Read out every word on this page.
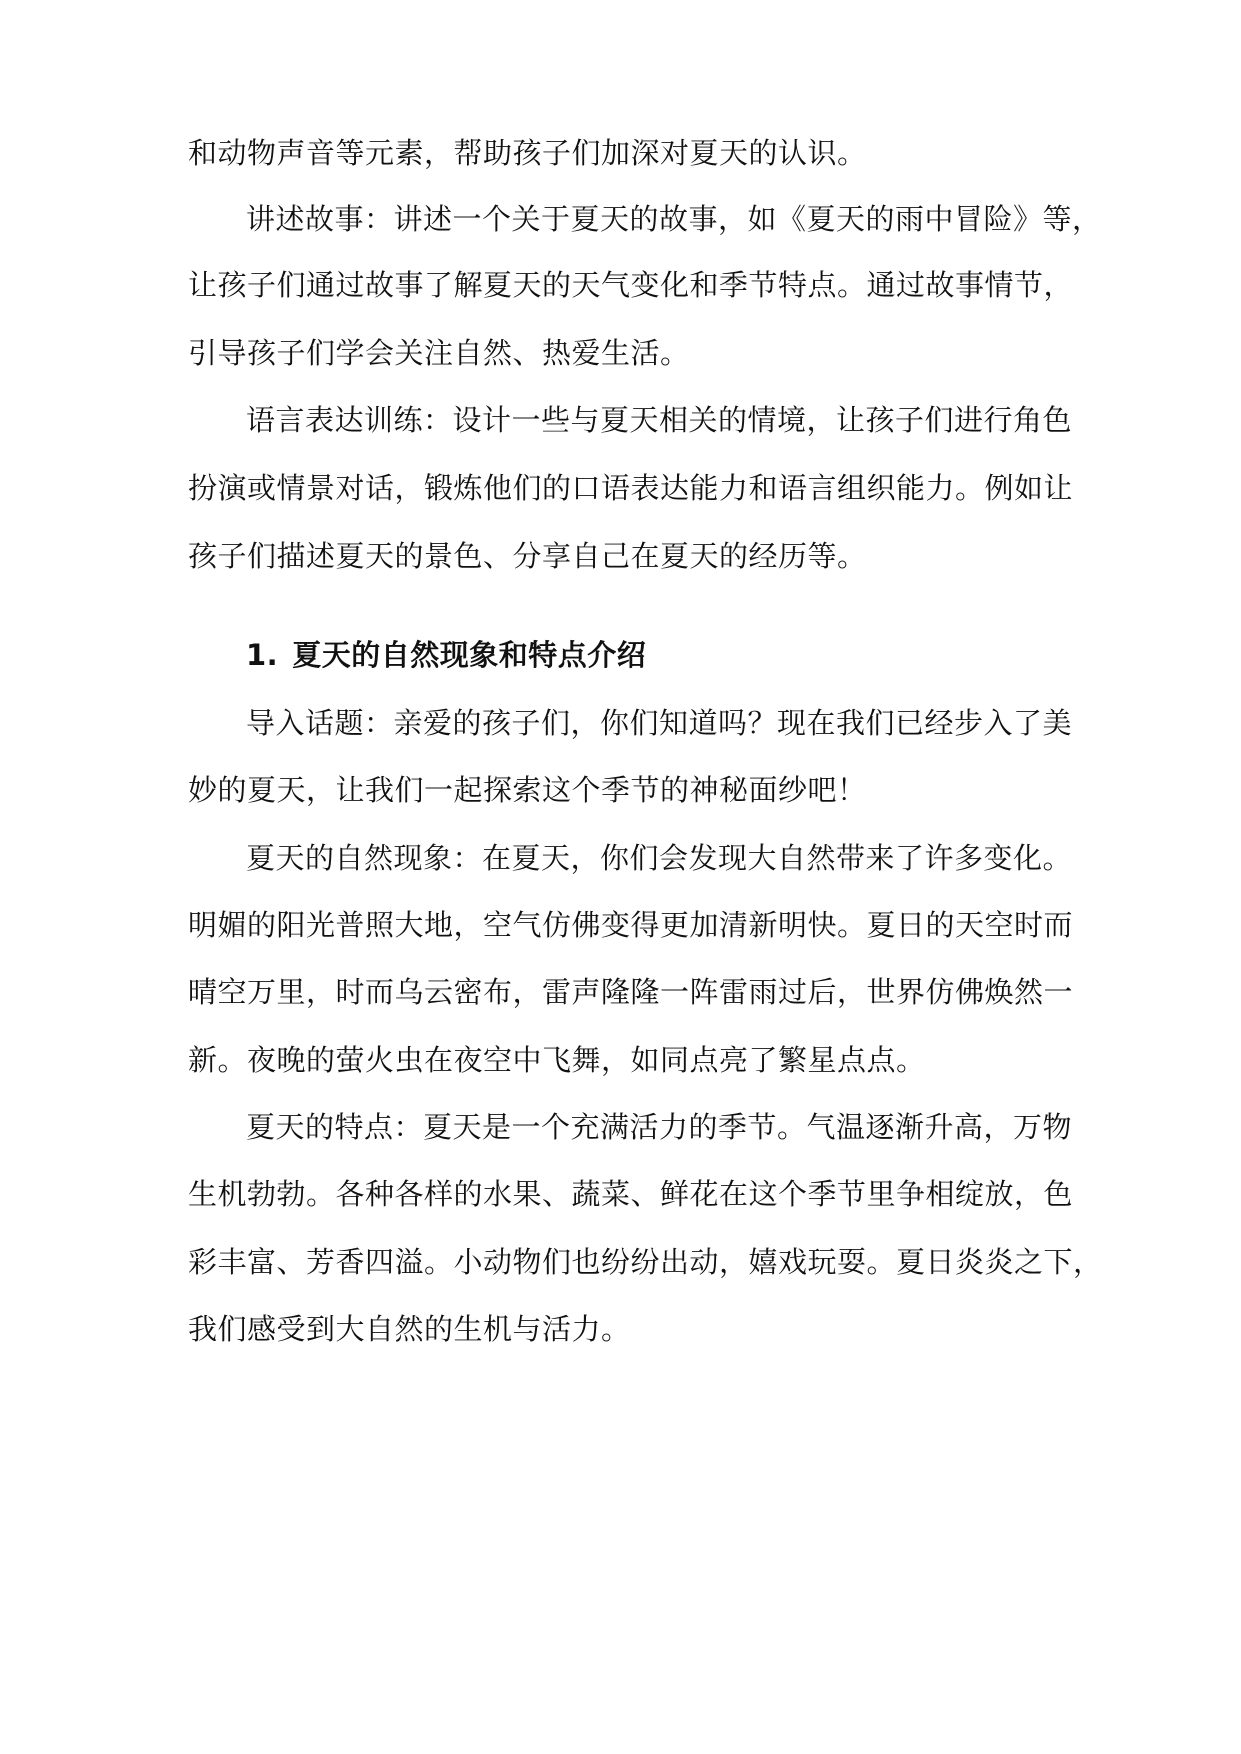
和动物声音等元素，帮助孩子们加深对夏天的认识。
讲述故事：讲述一个关于夏天的故事，如《夏天的雨中冒险》等，
让孩子们通过故事了解夏天的天气变化和季节特点。通过故事情节，
引导孩子们学会关注自然、热爱生活。
语言表达训练：设计一些与夏天相关的情境，让孩子们进行角色
扮演或情景对话，锻炼他们的口语表达能力和语言组织能力。例如让
孩子们描述夏天的景色、分享自己在夏天的经历等。
1. 夏天的自然现象和特点介绍
导入话题：亲爱的孩子们，你们知道吗？现在我们已经步入了美
妙的夏天，让我们一起探索这个季节的神秘面纱吧！
夏天的自然现象：在夏天，你们会发现大自然带来了许多变化。
明媚的阳光普照大地，空气仿佛变得更加清新明快。夏日的天空时而
晴空万里，时而乌云密布，雷声隆隆一阵雷雨过后，世界仿佛焕然一
新。夜晚的萤火虫在夜空中飞舞，如同点亮了繁星点点。
夏天的特点：夏天是一个充满活力的季节。气温逐渐升高，万物
生机勃勃。各种各样的水果、蔬菜、鲜花在这个季节里争相绽放，色
彩丰富、芳香四溢。小动物们也纷纷出动，嬉戏玩耍。夏日炎炎之下，
我们感受到大自然的生机与活力。
